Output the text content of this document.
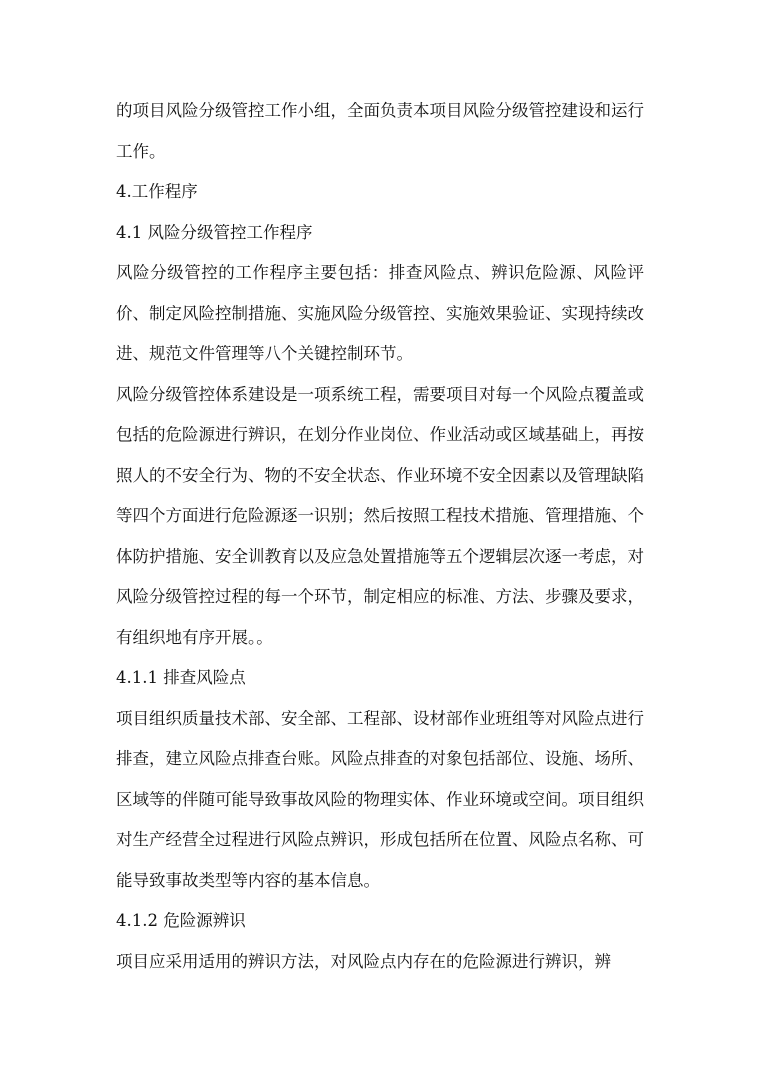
的项目风险分级管控工作小组，全面负责本项目风险分级管控建设和运行工作。

4.工作程序

4.1 风险分级管控工作程序

风险分级管控的工作程序主要包括：排查风险点、辨识危险源、风险评价、制定风险控制措施、实施风险分级管控、实施效果验证、实现持续改进、规范文件管理等八个关键控制环节。

风险分级管控体系建设是一项系统工程，需要项目对每一个风险点覆盖或包括的危险源进行辨识，在划分作业岗位、作业活动或区域基础上，再按照人的不安全行为、物的不安全状态、作业环境不安全因素以及管理缺陷等四个方面进行危险源逐一识别；然后按照工程技术措施、管理措施、个体防护措施、安全训教育以及应急处置措施等五个逻辑层次逐一考虑，对风险分级管控过程的每一个环节，制定相应的标准、方法、步骤及要求，有组织地有序开展。。

4.1.1 排查风险点

项目组织质量技术部、安全部、工程部、设材部作业班组等对风险点进行排查，建立风险点排查台账。风险点排查的对象包括部位、设施、场所、区域等的伴随可能导致事故风险的物理实体、作业环境或空间。项目组织对生产经营全过程进行风险点辨识，形成包括所在位置、风险点名称、可能导致事故类型等内容的基本信息。

4.1.2 危险源辨识

项目应采用适用的辨识方法，对风险点内存在的危险源进行辨识，辨
